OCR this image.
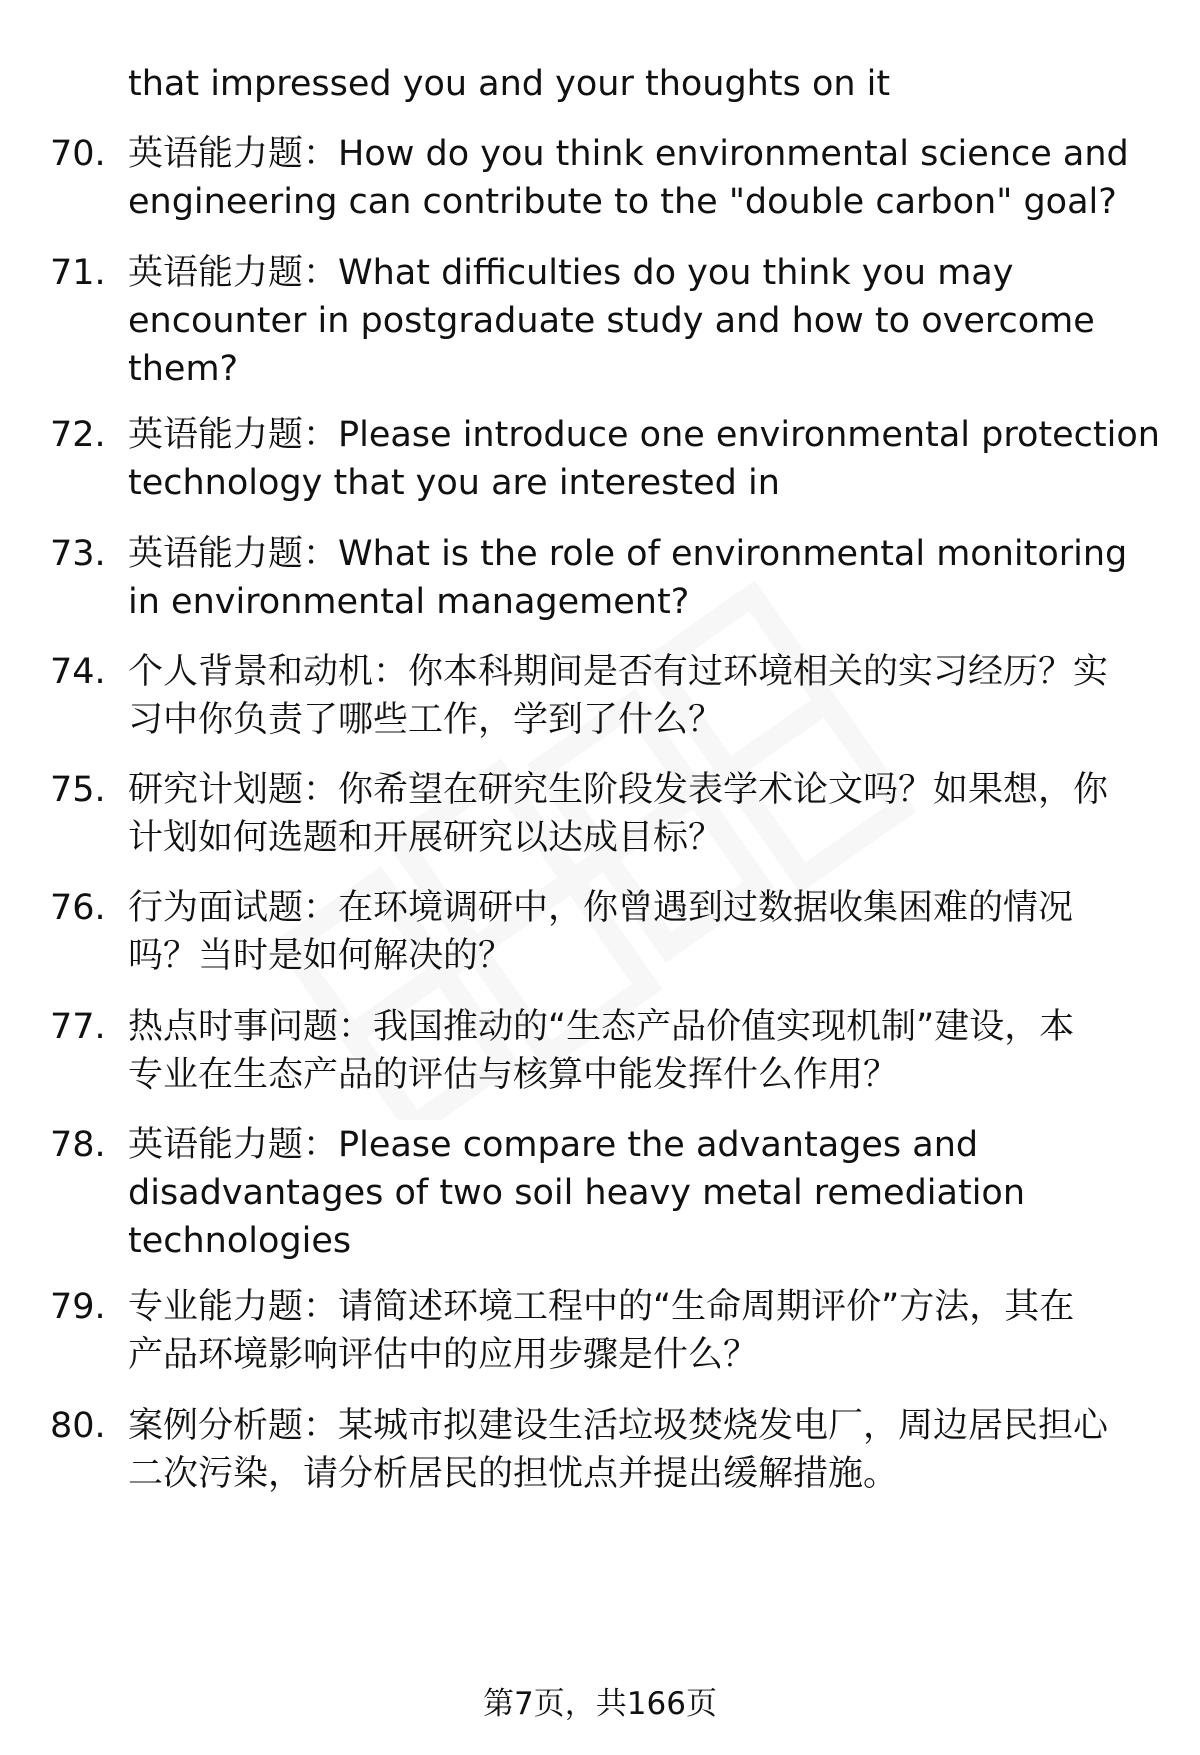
that impressed you and your thoughts on it
70. 英语能力题：How do you think environmental science and
engineering can contribute to the "double carbon" goal?
71. 英语能力题：What difficulties do you think you may
encounter in postgraduate study and how to overcome
them?
72. 英语能力题：Please introduce one environmental protection
technology that you are interested in
73. 英语能力题：What is the role of environmental monitoring
in environmental management?
74. 个人背景和动机：你本科期间是否有过环境相关的实习经历？实
习中你负责了哪些工作，学到了什么？
75. 研究计划题：你希望在研究生阶段发表学术论文吗？如果想，你
计划如何选题和开展研究以达成目标？
76. 行为面试题：在环境调研中，你曾遇到过数据收集困难的情况
吗？当时是如何解决的？
77. 热点时事问题：我国推动的“生态产品价值实现机制”建设，本
专业在生态产品的评估与核算中能发挥什么作用？
78. 英语能力题：Please compare the advantages and
disadvantages of two soil heavy metal remediation
technologies
79. 专业能力题：请简述环境工程中的“生命周期评价”方法，其在
产品环境影响评估中的应用步骤是什么？
80. 案例分析题：某城市拟建设生活垃圾焚烧发电厂，周边居民担心
二次污染，请分析居民的担忧点并提出缓解措施。
第7页，共166页
